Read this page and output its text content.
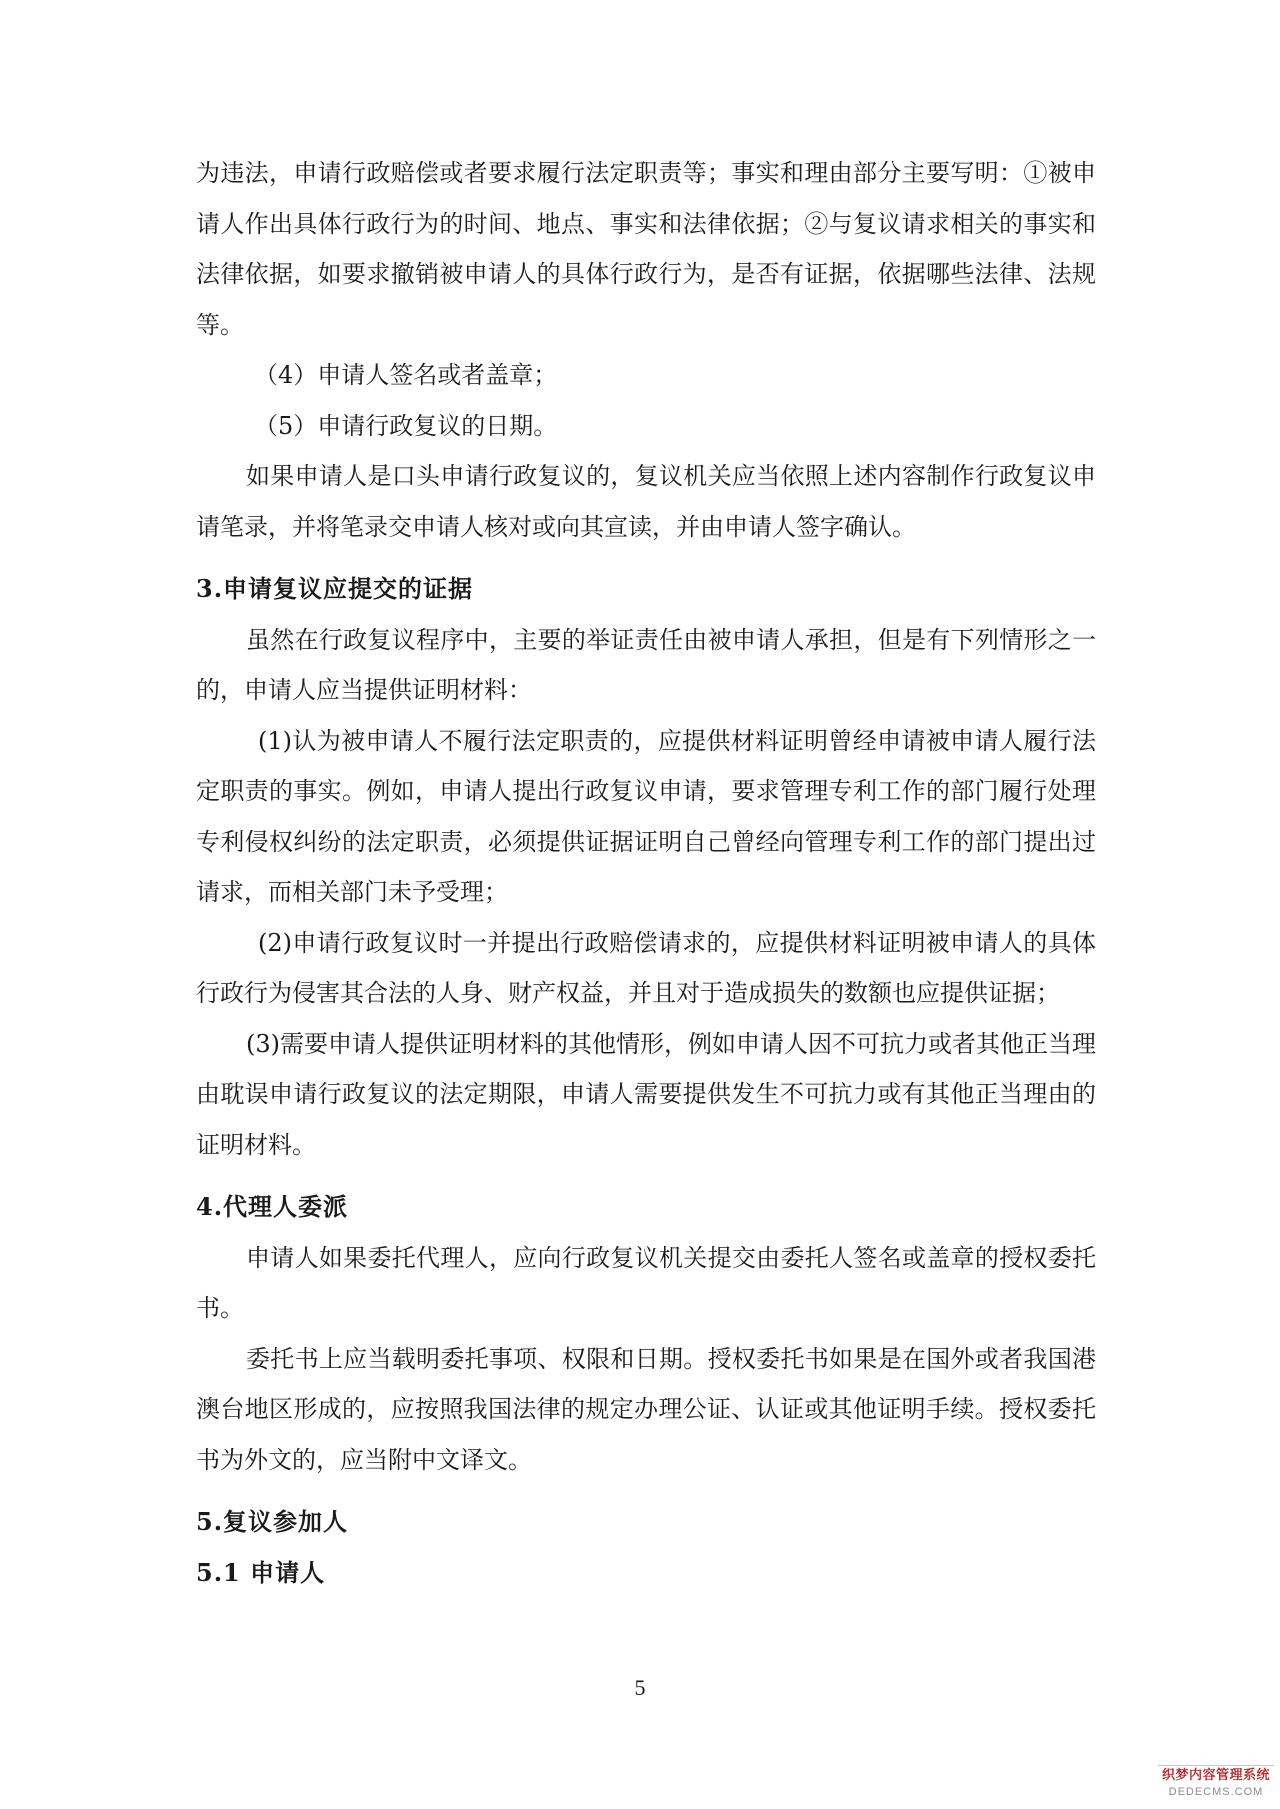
为违法，申请行政赔偿或者要求履行法定职责等；事实和理由部分主要写明：①被申请人作出具体行政行为的时间、地点、事实和法律依据；②与复议请求相关的事实和法律依据，如要求撤销被申请人的具体行政行为，是否有证据，依据哪些法律、法规等。

（4）申请人签名或者盖章；

（5）申请行政复议的日期。

如果申请人是口头申请行政复议的，复议机关应当依照上述内容制作行政复议申请笔录，并将笔录交申请人核对或向其宣读，并由申请人签字确认。

3.申请复议应提交的证据

虽然在行政复议程序中，主要的举证责任由被申请人承担，但是有下列情形之一的，申请人应当提供证明材料：

(1)认为被申请人不履行法定职责的，应提供材料证明曾经申请被申请人履行法定职责的事实。例如，申请人提出行政复议申请，要求管理专利工作的部门履行处理专利侵权纠纷的法定职责，必须提供证据证明自己曾经向管理专利工作的部门提出过请求，而相关部门未予受理；

(2)申请行政复议时一并提出行政赔偿请求的，应提供材料证明被申请人的具体行政行为侵害其合法的人身、财产权益，并且对于造成损失的数额也应提供证据；

(3)需要申请人提供证明材料的其他情形，例如申请人因不可抗力或者其他正当理由耽误申请行政复议的法定期限，申请人需要提供发生不可抗力或有其他正当理由的证明材料。

4.代理人委派

申请人如果委托代理人，应向行政复议机关提交由委托人签名或盖章的授权委托书。

委托书上应当载明委托事项、权限和日期。授权委托书如果是在国外或者我国港澳台地区形成的，应按照我国法律的规定办理公证、认证或其他证明手续。授权委托书为外文的，应当附中文译文。

5.复议参加人

5.1 申请人

5
织梦内容管理系统
DEDECMS.COM
